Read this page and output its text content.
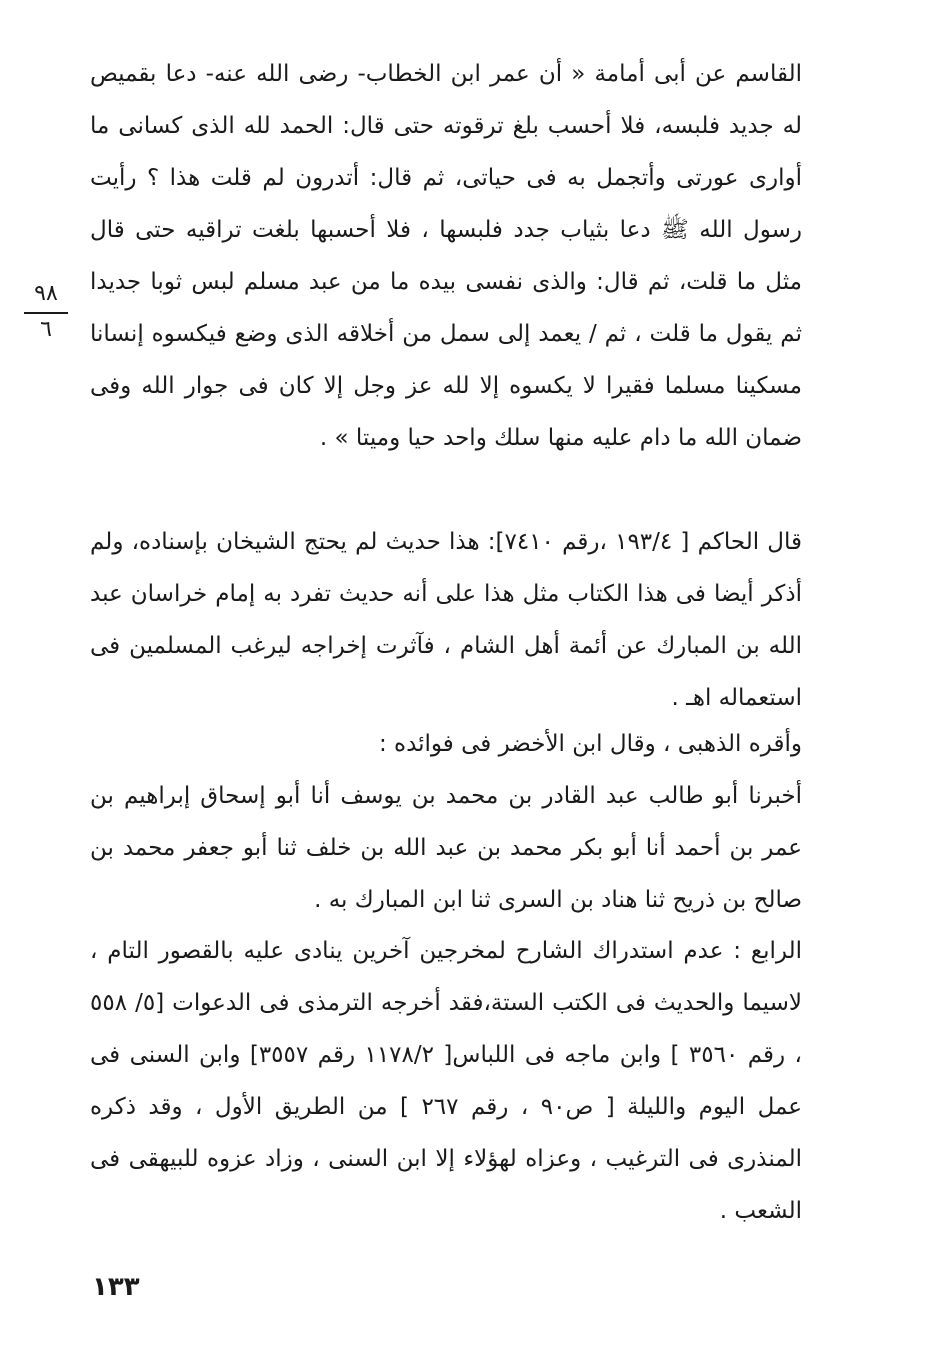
٩٨
٦

القاسم عن أبى أمامة « أن عمر ابن الخطاب- رضى الله عنه- دعا بقميص له جديد فلبسه، فلا أحسب بلغ ترقوته حتى قال: الحمد لله الذى كسانى ما أوارى عورتى وأتجمل به فى حياتى، ثم قال: أتدرون لم قلت هذا ؟ رأيت رسول الله ﷺ دعا بثياب جدد فلبسها ، فلا أحسبها بلغت تراقيه حتى قال مثل ما قلت، ثم قال: والذى نفسى بيده ما من عبد مسلم لبس ثوبا جديدا ثم يقول ما قلت ، ثم / يعمد إلى سمل من أخلاقه الذى وضع فيكسوه إنسانا مسكينا مسلما فقيرا لا يكسوه إلا لله عز وجل إلا كان فى جوار الله وفى ضمان الله ما دام عليه منها سلك واحد حيا وميتا » .

قال الحاكم [ ١٩٣/٤ ،رقم ٧٤١٠]: هذا حديث لم يحتج الشيخان بإسناده، ولم أذكر أيضا فى هذا الكتاب مثل هذا على أنه حديث تفرد به إمام خراسان عبد الله بن المبارك عن أئمة أهل الشام ، فآثرت إخراجه ليرغب المسلمين فى استعماله اهـ .

وأقره الذهبى ، وقال ابن الأخضر فى فوائده :

أخبرنا أبو طالب عبد القادر بن محمد بن يوسف أنا أبو إسحاق إبراهيم بن عمر بن أحمد أنا أبو بكر محمد بن عبد الله بن خلف ثنا أبو جعفر محمد بن صالح بن ذريح ثنا هناد بن السرى ثنا ابن المبارك به .

الرابع : عدم استدراك الشارح لمخرجين آخرين ينادى عليه بالقصور التام ، لاسيما والحديث فى الكتب الستة،فقد أخرجه الترمذى فى الدعوات [٥/ ٥٥٨ ، رقم ٣٥٦٠ ] وابن ماجه فى اللباس[ ١١٧٨/٢ رقم ٣٥٥٧] وابن السنى فى عمل اليوم والليلة [ ص٩٠ ، رقم ٢٦٧ ] من الطريق الأول ، وقد ذكره المنذرى فى الترغيب ، وعزاه لهؤلاء إلا ابن السنى ، وزاد عزوه للبيهقى فى الشعب .

١٣٣
